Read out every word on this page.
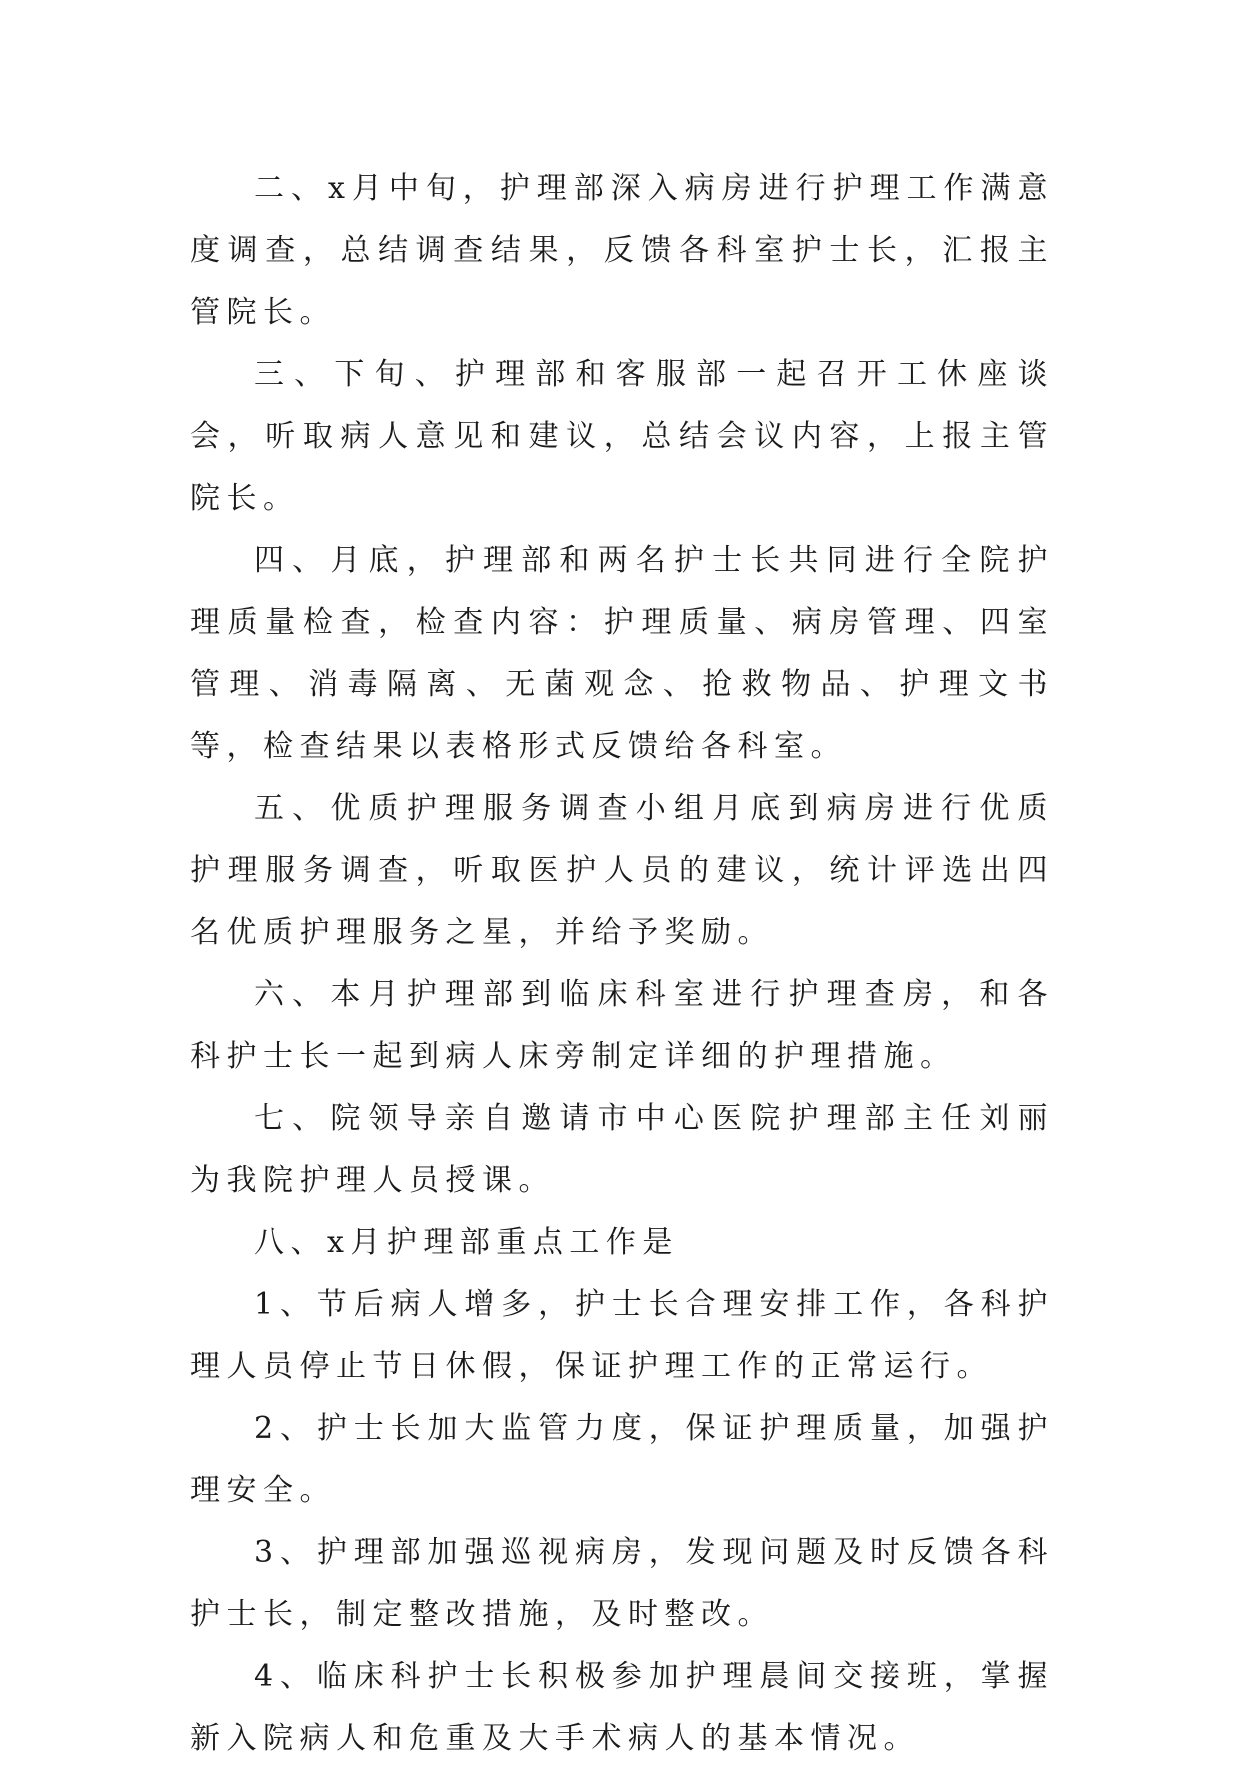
二、x月中旬，护理部深入病房进行护理工作满意度调查，总结调查结果，反馈各科室护士长，汇报主管院长。

三、下旬、护理部和客服部一起召开工休座谈会，听取病人意见和建议，总结会议内容，上报主管院长。

四、月底，护理部和两名护士长共同进行全院护理质量检查，检查内容：护理质量、病房管理、四室管理、消毒隔离、无菌观念、抢救物品、护理文书等，检查结果以表格形式反馈给各科室。

五、优质护理服务调查小组月底到病房进行优质护理服务调查，听取医护人员的建议，统计评选出四名优质护理服务之星，并给予奖励。

六、本月护理部到临床科室进行护理查房，和各科护士长一起到病人床旁制定详细的护理措施。

七、院领导亲自邀请市中心医院护理部主任刘丽为我院护理人员授课。

八、x月护理部重点工作是

1、节后病人增多，护士长合理安排工作，各科护理人员停止节日休假，保证护理工作的正常运行。

2、护士长加大监管力度，保证护理质量，加强护理安全。

3、护理部加强巡视病房，发现问题及时反馈各科护士长，制定整改措施，及时整改。

4、临床科护士长积极参加护理晨间交接班，掌握新入院病人和危重及大手术病人的基本情况。
